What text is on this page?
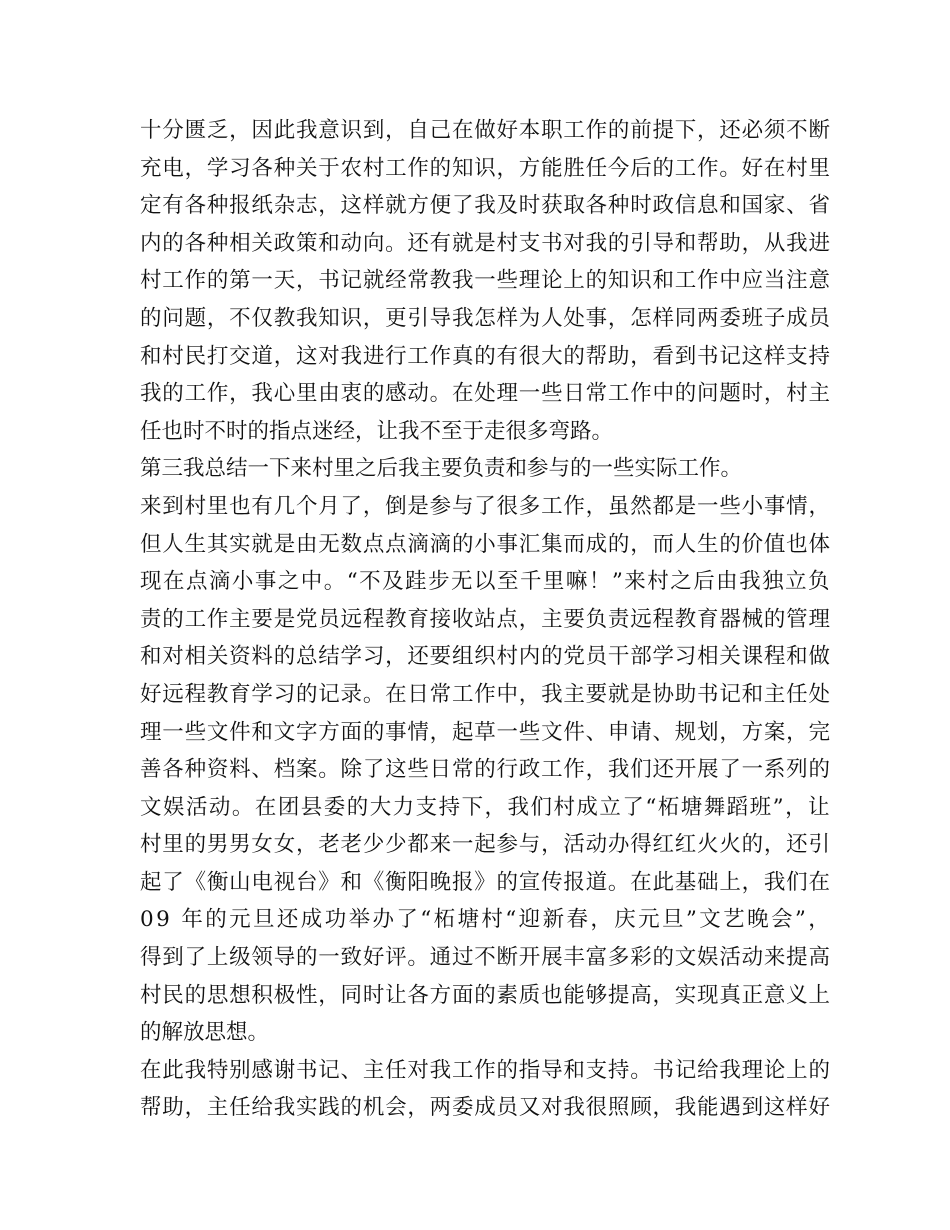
十 分 匮 乏 ， 因 此 我 意 识 到 ， 自 己 在 做 好 本 职 工 作 的 前 提 下 ， 还 必 须 不 断
充 电 ， 学 习 各 种 关 于 农 村 工 作 的 知 识 ， 方 能 胜 任 今 后 的 工 作 。 好 在 村 里
定 有 各 种 报 纸 杂 志 ， 这 样 就 方 便 了 我 及 时 获 取 各 种 时 政 信 息 和 国 家 、 省
内 的 各 种 相 关 政 策 和 动 向 。 还 有 就 是 村 支 书 对 我 的 引 导 和 帮 助 ， 从 我 进
村 工 作 的 第 一 天 ， 书 记 就 经 常 教 我 一 些 理 论 上 的 知 识 和 工 作 中 应 当 注 意
的 问 题 ， 不 仅 教 我 知 识 ， 更 引 导 我 怎 样 为 人 处 事 ， 怎 样 同 两 委 班 子 成 员
和 村 民 打 交 道 ， 这 对 我 进 行 工 作 真 的 有 很 大 的 帮 助 ， 看 到 书 记 这 样 支 持
我 的 工 作 ， 我 心 里 由 衷 的 感 动 。 在 处 理 一 些 日 常 工 作 中 的 问 题 时 ， 村 主
任也时不时的指点迷经，让我不至于走很多弯路。
第三我总结一下来村里之后我主要负责和参与的一些实际工作。
来 到 村 里 也 有 几 个 月 了 ， 倒 是 参 与 了 很 多 工 作 ， 虽 然 都 是 一 些 小 事 情 ，
但 人 生 其 实 就 是 由 无 数 点 点 滴 滴 的 小 事 汇 集 而 成 的 ， 而 人 生 的 价 值 也 体
现 在 点 滴 小 事 之 中 。 “ 不 及 跬 步 无 以 至 千 里 嘛 ！ ” 来 村 之 后 由 我 独 立 负
责 的 工 作 主 要 是 党 员 远 程 教 育 接 收 站 点 ， 主 要 负 责 远 程 教 育 器 械 的 管 理
和 对 相 关 资 料 的 总 结 学 习 ， 还 要 组 织 村 内 的 党 员 干 部 学 习 相 关 课 程 和 做
好 远 程 教 育 学 习 的 记 录 。 在 日 常 工 作 中 ， 我 主 要 就 是 协 助 书 记 和 主 任 处
理 一 些 文 件 和 文 字 方 面 的 事 情 ， 起 草 一 些 文 件 、 申 请 、 规 划 ， 方 案 ， 完
善 各 种 资 料 、 档 案 。 除 了 这 些 日 常 的 行 政 工 作 ， 我 们 还 开 展 了 一 系 列 的
文 娱 活 动 。 在 团 县 委 的 大 力 支 持 下 ， 我 们 村 成 立 了 “ 柘 塘 舞 蹈 班 ” ， 让
村 里 的 男 男 女 女 ， 老 老 少 少 都 来 一 起 参 与 ， 活 动 办 得 红 红 火 火 的 ， 还 引
起 了 《 衡 山 电 视 台 》 和 《 衡 阳 晚 报 》 的 宣 传 报 道 。 在 此 基 础 上 ， 我 们 在
0 9
年 的 元 旦 还 成 功 举 办 了 “ 柘 塘 村 “ 迎 新 春 ， 庆 元 旦 ” 文 艺 晚 会 ” ，
得 到 了 上 级 领 导 的 一 致 好 评 。 通 过 不 断 开 展 丰 富 多 彩 的 文 娱 活 动 来 提 高
村 民 的 思 想 积 极 性 ， 同 时 让 各 方 面 的 素 质 也 能 够 提 高 ， 实 现 真 正 意 义 上
的解放思想。
在 此 我 特 别 感 谢 书 记 、 主 任 对 我 工 作 的 指 导 和 支 持 。 书 记 给 我 理 论 上 的
帮 助 ， 主 任 给 我 实 践 的 机 会 ， 两 委 成 员 又 对 我 很 照 顾 ， 我 能 遇 到 这 样 好
